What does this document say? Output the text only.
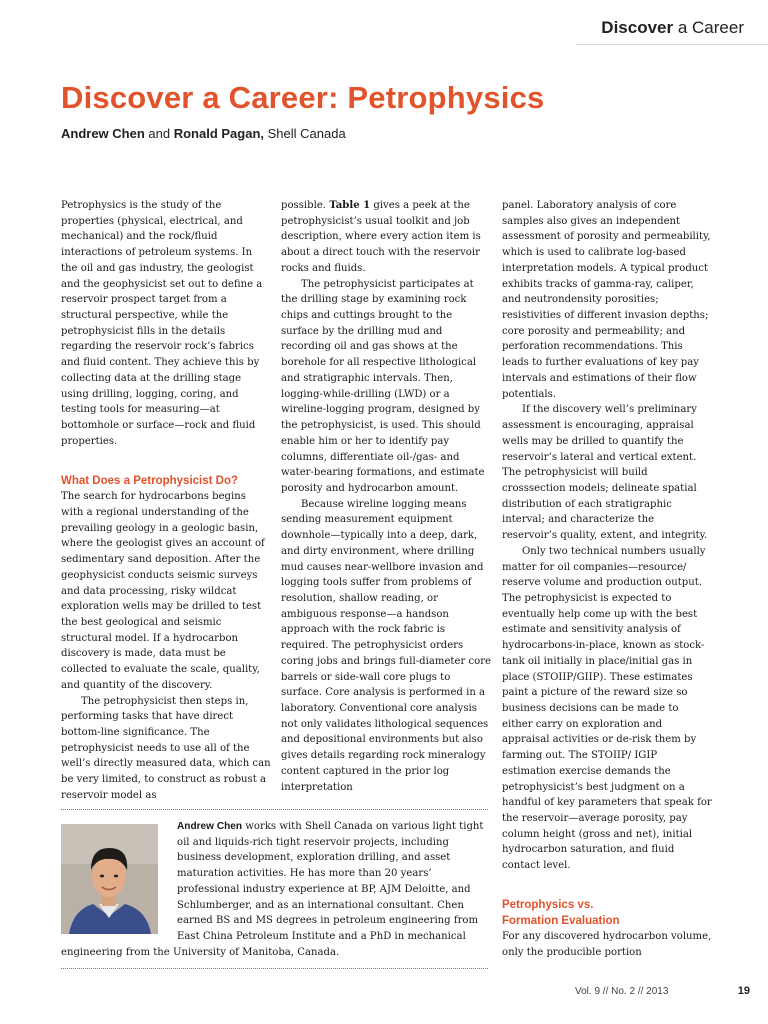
Discover a Career
Discover a Career: Petrophysics
Andrew Chen and Ronald Pagan, Shell Canada

Petrophysics is the study of the properties (physical, electrical, and mechanical) and the rock/fluid interactions of petroleum systems. In the oil and gas industry, the geologist and the geophysicist set out to define a reservoir prospect target from a structural perspective, while the petrophysicist fills in the details regarding the reservoir rock’s fabrics and fluid content. They achieve this by collecting data at the drilling stage using drilling, logging, coring, and testing tools for measuring—at bottomhole or surface—rock and fluid properties.

What Does a Petrophysicist Do?

The search for hydrocarbons begins with a regional understanding of the prevailing geology in a geologic basin, where the geologist gives an account of sedimentary sand deposition. After the geophysicist conducts seismic surveys and data processing, risky wildcat exploration wells may be drilled to test the best geological and seismic structural model. If a hydrocarbon discovery is made, data must be collected to evaluate the scale, quality, and quantity of the discovery.

The petrophysicist then steps in, performing tasks that have direct bottom-line significance. The petrophysicist needs to use all of the well’s directly measured data, which can be very limited, to construct as robust a reservoir model as

possible. Table 1 gives a peek at the petrophysicist’s usual toolkit and job description, where every action item is about a direct touch with the reservoir rocks and fluids.

The petrophysicist participates at the drilling stage by examining rock chips and cuttings brought to the surface by the drilling mud and recording oil and gas shows at the borehole for all respective lithological and stratigraphic intervals. Then, logging-while-drilling (LWD) or a wireline-logging program, designed by the petrophysicist, is used. This should enable him or her to identify pay columns, differentiate oil-/gas- and water-bearing formations, and estimate porosity and hydrocarbon amount.

Because wireline logging means sending measurement equipment downhole—typically into a deep, dark, and dirty environment, where drilling mud causes near-wellbore invasion and logging tools suffer from problems of resolution, shallow reading, or ambiguous response—a handson approach with the rock fabric is required. The petrophysicist orders coring jobs and brings full-diameter core barrels or side-wall core plugs to surface. Core analysis is performed in a laboratory. Conventional core analysis not only validates lithological sequences and depositional environments but also gives details regarding rock mineralogy content captured in the prior log interpretation

panel. Laboratory analysis of core samples also gives an independent assessment of porosity and permeability, which is used to calibrate log-based interpretation models. A typical product exhibits tracks of gamma-ray, caliper, and neutrondensity porosities; resistivities of different invasion depths; core porosity and permeability; and perforation recommendations. This leads to further evaluations of key pay intervals and estimations of their flow potentials.

If the discovery well’s preliminary assessment is encouraging, appraisal wells may be drilled to quantify the reservoir’s lateral and vertical extent. The petrophysicist will build crosssection models; delineate spatial distribution of each stratigraphic interval; and characterize the reservoir’s quality, extent, and integrity.

Only two technical numbers usually matter for oil companies—resource/ reserve volume and production output. The petrophysicist is expected to eventually help come up with the best estimate and sensitivity analysis of hydrocarbons-in-place, known as stock-tank oil initially in place/initial gas in place (STOIIP/GIIP). These estimates paint a picture of the reward size so business decisions can be made to either carry on exploration and appraisal activities or de-risk them by farming out. The STOIIP/ IGIP estimation exercise demands the petrophysicist’s best judgment on a handful of key parameters that speak for the reservoir—average porosity, pay column height (gross and net), initial hydrocarbon saturation, and fluid contact level.

Petrophysics vs.
Formation Evaluation

For any discovered hydrocarbon volume, only the producible portion

Andrew Chen works with Shell Canada on various light tight oil and liquids-rich tight reservoir projects, including business development, exploration drilling, and asset maturation activities. He has more than 20 years’ professional industry experience at BP, AJM Deloitte, and Schlumberger, and as an international consultant. Chen earned BS and MS degrees in petroleum engineering from East China Petroleum Institute and a PhD in mechanical engineering from the University of Manitoba, Canada.
Vol. 9 // No. 2 // 2013	19
